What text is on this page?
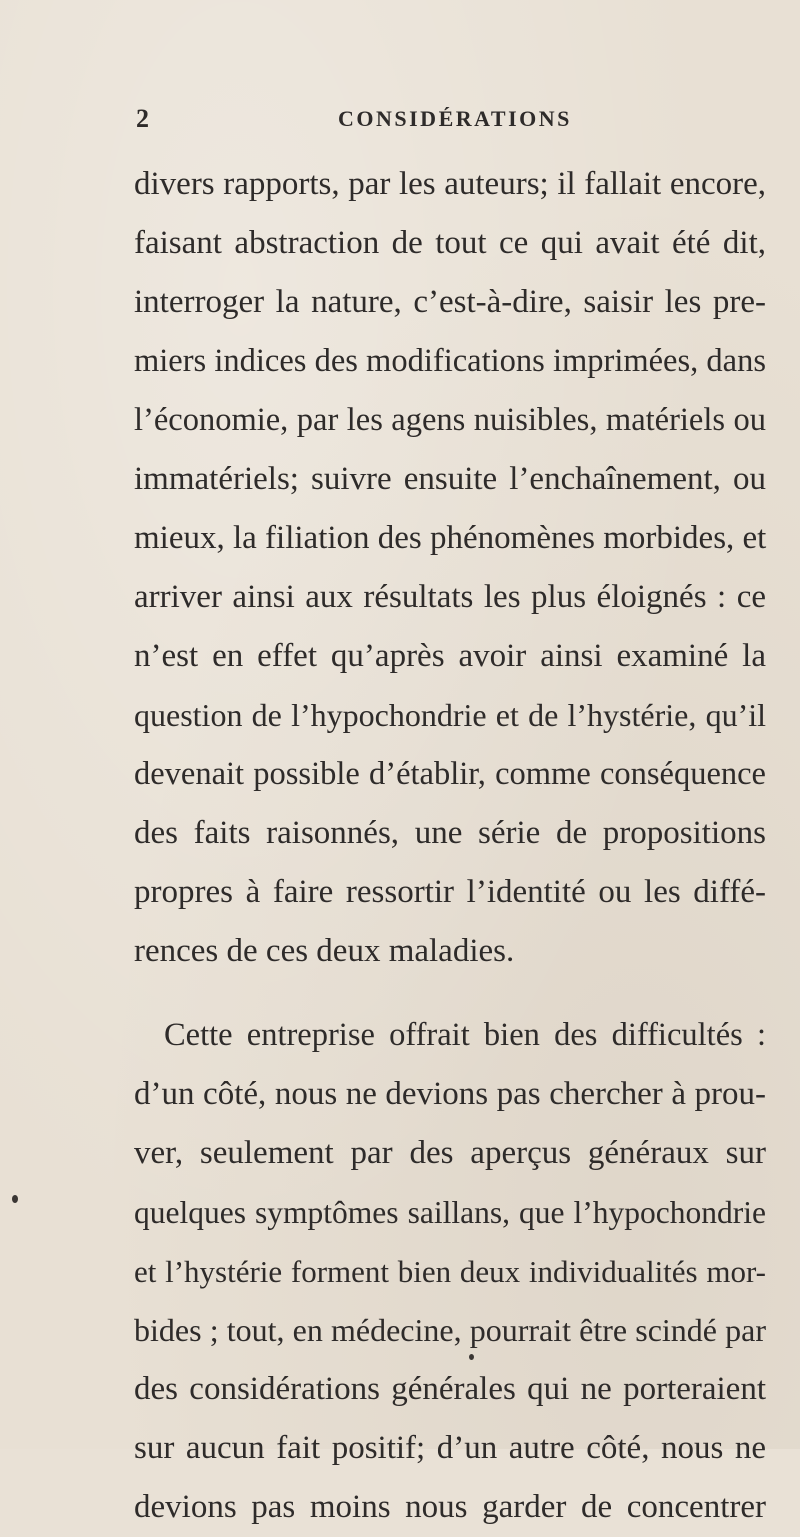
2	CONSIDÉRATIONS
divers rapports, par les auteurs; il fallait encore,
faisant abstraction de tout ce qui avait été dit,
interroger la nature, c’est-à-dire, saisir les pre-
miers indices des modifications imprimées, dans
l’économie, par les agens nuisibles, matériels ou
immatériels; suivre ensuite l’enchaînement, ou
mieux, la filiation des phénomènes morbides, et
arriver ainsi aux résultats les plus éloignés : ce
n’est en effet qu’après avoir ainsi examiné la
question de l’hypochondrie et de l’hystérie, qu’il
devenait possible d’établir, comme conséquence
des faits raisonnés, une série de propositions
propres à faire ressortir l’identité ou les diffé-
rences de ces deux maladies.
Cette entreprise offrait bien des difficultés :
d’un côté, nous ne devions pas chercher à prou-
ver, seulement par des aperçus généraux sur
quelques symptômes saillans, que l’hypochondrie
et l’hystérie forment bien deux individualités mor-
bides ; tout, en médecine, pourrait être scindé par
des considérations générales qui ne porteraient
sur aucun fait positif; d’un autre côté, nous ne
devions pas moins nous garder de concentrer
